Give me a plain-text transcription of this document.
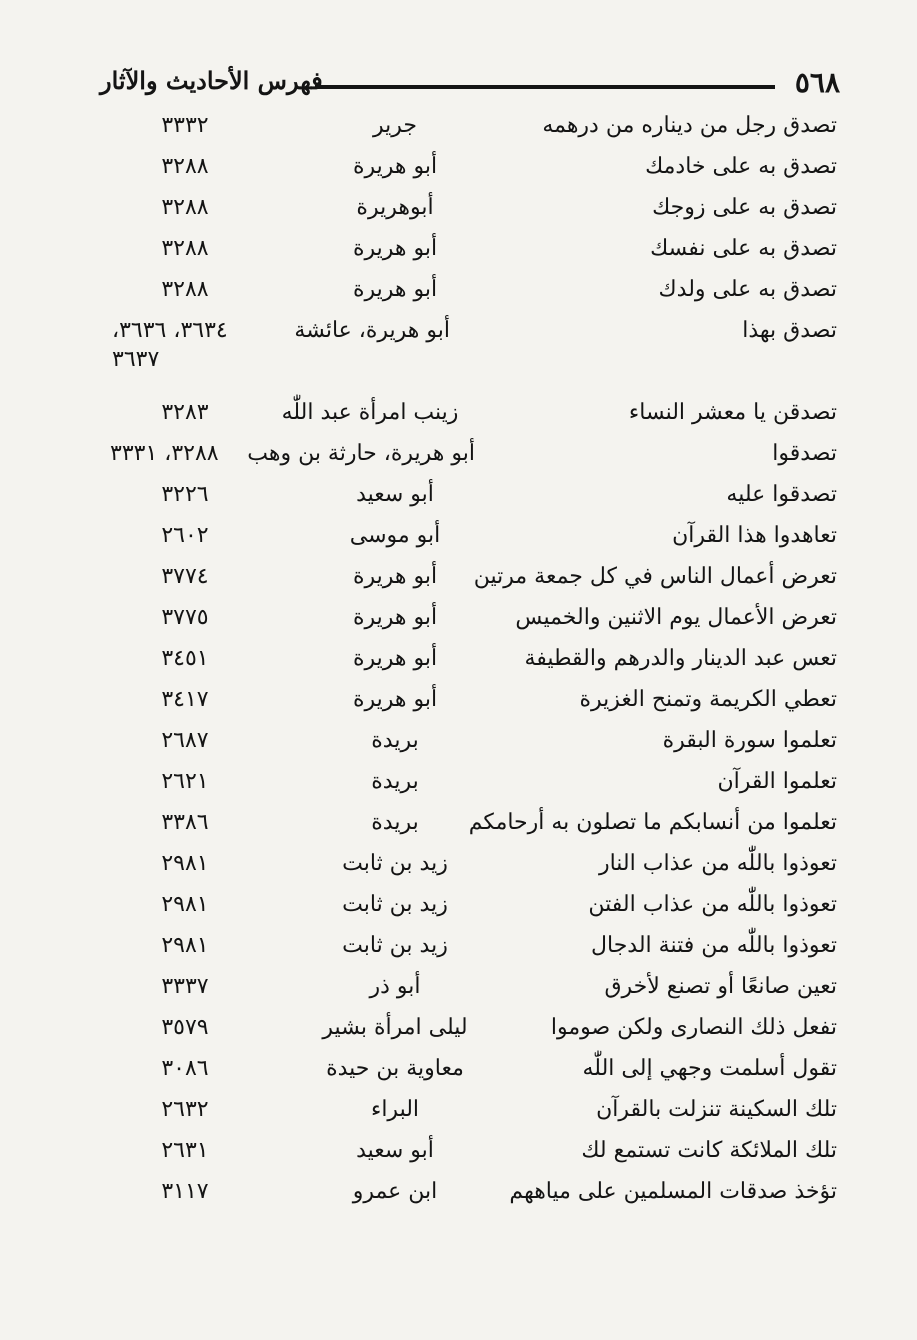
٥٦٨
فهرس الأحاديث والآثار
تصدق رجل من ديناره من درهمه
جرير
٣٣٣٢
تصدق به على خادمك
أبو هريرة
٣٢٨٨
تصدق به على زوجك
أبوهريرة
٣٢٨٨
تصدق به على نفسك
أبو هريرة
٣٢٨٨
تصدق به على ولدك
أبو هريرة
٣٢٨٨
تصدق بهذا
أبو هريرة، عائشة
٣٦٣٤، ٣٦٣٦، ٣٦٣٧
تصدقن يا معشر النساء
زينب امرأة عبد اللّٰه
٣٢٨٣
تصدقوا
أبو هريرة، حارثة بن وهب
٣٢٨٨، ٣٣٣١
تصدقوا عليه
أبو سعيد
٣٢٢٦
تعاهدوا هذا القرآن
أبو موسى
٢٦٠٢
تعرض أعمال الناس في كل جمعة مرتين
أبو هريرة
٣٧٧٤
تعرض الأعمال يوم الاثنين والخميس
أبو هريرة
٣٧٧٥
تعس عبد الدينار والدرهم والقطيفة
أبو هريرة
٣٤٥١
تعطي الكريمة وتمنح الغزيرة
أبو هريرة
٣٤١٧
تعلموا سورة البقرة
بريدة
٢٦٨٧
تعلموا القرآن
بريدة
٢٦٢١
تعلموا من أنسابكم ما تصلون به أرحامكم
بريدة
٣٣٨٦
تعوذوا باللّٰه من عذاب النار
زيد بن ثابت
٢٩٨١
تعوذوا باللّٰه من عذاب الفتن
زيد بن ثابت
٢٩٨١
تعوذوا باللّٰه من فتنة الدجال
زيد بن ثابت
٢٩٨١
تعين صانعًا أو تصنع لأخرق
أبو ذر
٣٣٣٧
تفعل ذلك النصارى ولكن صوموا
ليلى امرأة بشير
٣٥٧٩
تقول أسلمت وجهي إلى اللّٰه
معاوية بن حيدة
٣٠٨٦
تلك السكينة تنزلت بالقرآن
البراء
٢٦٣٢
تلك الملائكة كانت تستمع لك
أبو سعيد
٢٦٣١
تؤخذ صدقات المسلمين على مياههم
ابن عمرو
٣١١٧
